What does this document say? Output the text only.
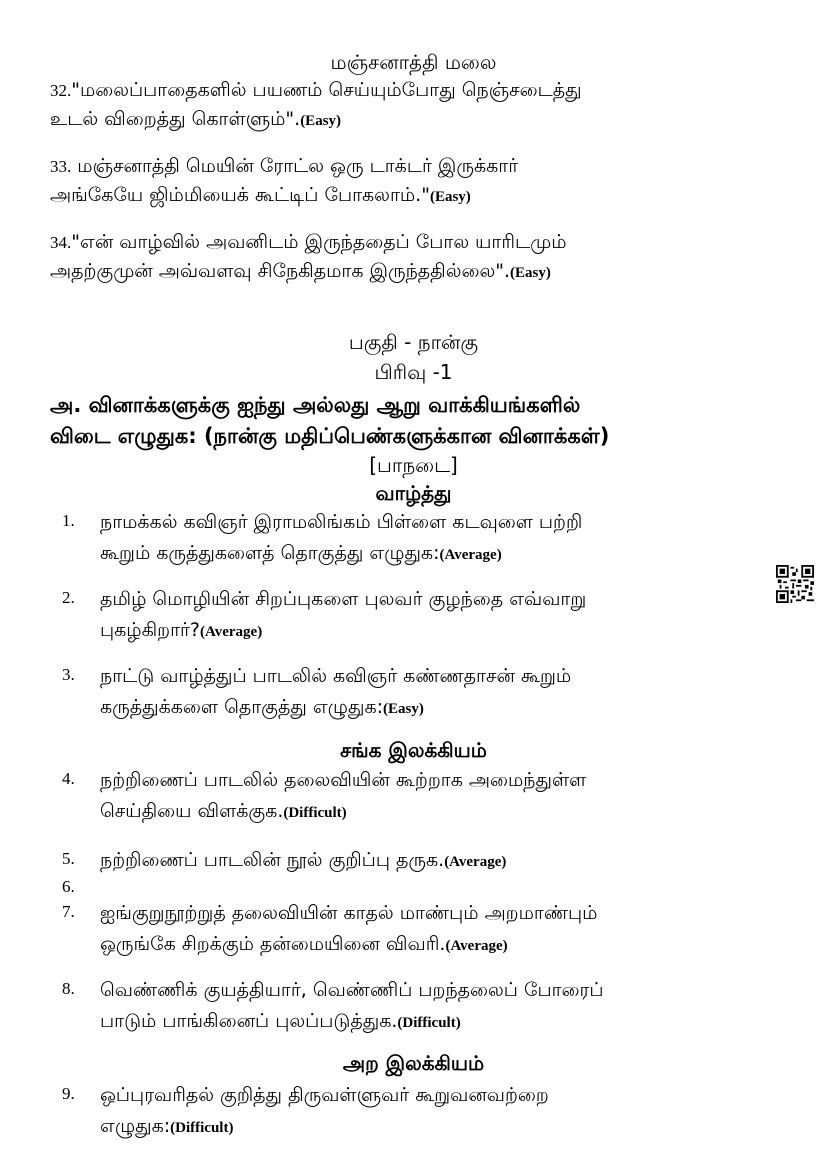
மஞ்சனாத்தி மலை
32."மலைப்பாதைகளில் பயணம் செய்யும்போது நெஞ்சடைத்து
உடல் விறைத்து கொள்ளும்".(Easy)
33. மஞ்சனாத்தி மெயின் ரோட்ல ஒரு டாக்டர் இருக்கார்
அங்கேயே ஜிம்மியைக் கூட்டிப் போகலாம்."(Easy)
34."என் வாழ்வில் அவனிடம் இருந்ததைப் போல யாரிடமும்
அதற்குமுன் அவ்வளவு சிநேகிதமாக இருந்ததில்லை".(Easy)
பகுதி - நான்கு
பிரிவு -1
அ. வினாக்களுக்கு ஐந்து அல்லது ஆறு வாக்கியங்களில்
விடை எழுதுக: (நான்கு மதிப்பெண்களுக்கான வினாக்கள்)
[பாநடை]
வாழ்த்து
1. நாமக்கல் கவிஞர் இராமலிங்கம் பிள்ளை கடவுளை பற்றி
கூறும் கருத்துகளைத் தொகுத்து எழுதுக:(Average)
2. தமிழ் மொழியின் சிறப்புகளை புலவர் குழந்தை எவ்வாறு
புகழ்கிறார்?(Average)
3. நாட்டு வாழ்த்துப் பாடலில் கவிஞர் கண்ணதாசன் கூறும்
கருத்துக்களை தொகுத்து எழுதுக:(Easy)
சங்க இலக்கியம்
4. நற்றிணைப் பாடலில் தலைவியின் கூற்றாக அமைந்துள்ள
செய்தியை விளக்குக.(Difficult)
5. நற்றிணைப் பாடலின் நூல் குறிப்பு தருக.(Average)
6.
7. ஐங்குறுநூற்றுத் தலைவியின் காதல் மாண்பும் அறமாண்பும்
ஒருங்கே சிறக்கும் தன்மையினை விவரி.(Average)
8. வெண்ணிக் குயத்தியார், வெண்ணிப் பறந்தலைப் போரைப்
பாடும் பாங்கினைப் புலப்படுத்துக.(Difficult)
அற இலக்கியம்
9. ஒப்புரவரிதல் குறித்து திருவள்ளுவர் கூறுவனவற்றை
எழுதுக:(Difficult)
